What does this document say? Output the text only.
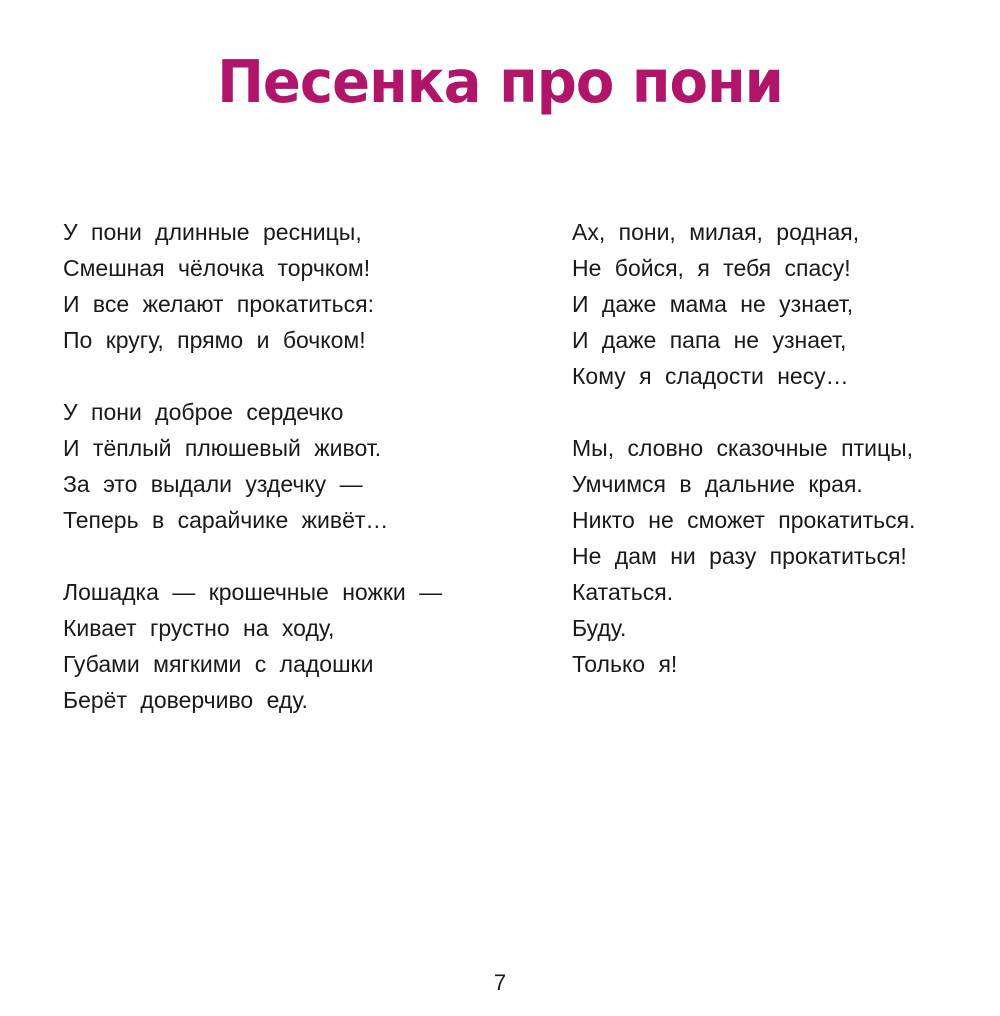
Песенка про пони
У пони длинные ресницы,
Смешная чёлочка торчком!
И все желают прокатиться:
По кругу, прямо и бочком!
У пони доброе сердечко
И тёплый плюшевый живот.
За это выдали уздечку —
Теперь в сарайчике живёт…
Лошадка — крошечные ножки —
Кивает грустно на ходу,
Губами мягкими с ладошки
Берёт доверчиво еду.
Ах, пони, милая, родная,
Не бойся, я тебя спасу!
И даже мама не узнает,
И даже папа не узнает,
Кому я сладости несу…
Мы, словно сказочные птицы,
Умчимся в дальние края.
Никто не сможет прокатиться.
Не дам ни разу прокатиться!
Кататься.
Буду.
Только я!
7
